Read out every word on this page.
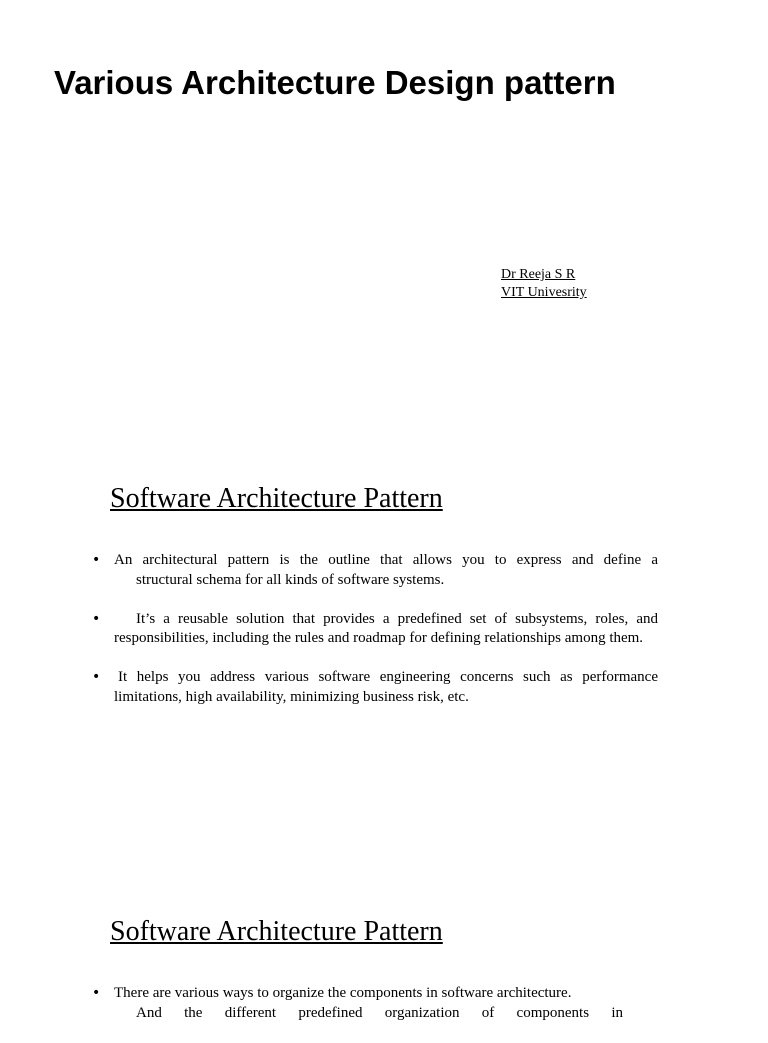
Various Architecture Design pattern
Dr Reeja S R
VIT Univesrity
Software Architecture Pattern
• An architectural pattern is the outline that allows you to express and define a
structural schema for all kinds of software systems.
•	It’s a reusable solution that provides a predefined set of subsystems, roles, and responsibilities, including the rules and roadmap for defining relationships among them.
• It helps you address various software engineering concerns such as performance limitations, high availability, minimizing business risk, etc.
Software Architecture Pattern
• There are various ways to organize the components in software architecture.
And the different predefined organization of components in
